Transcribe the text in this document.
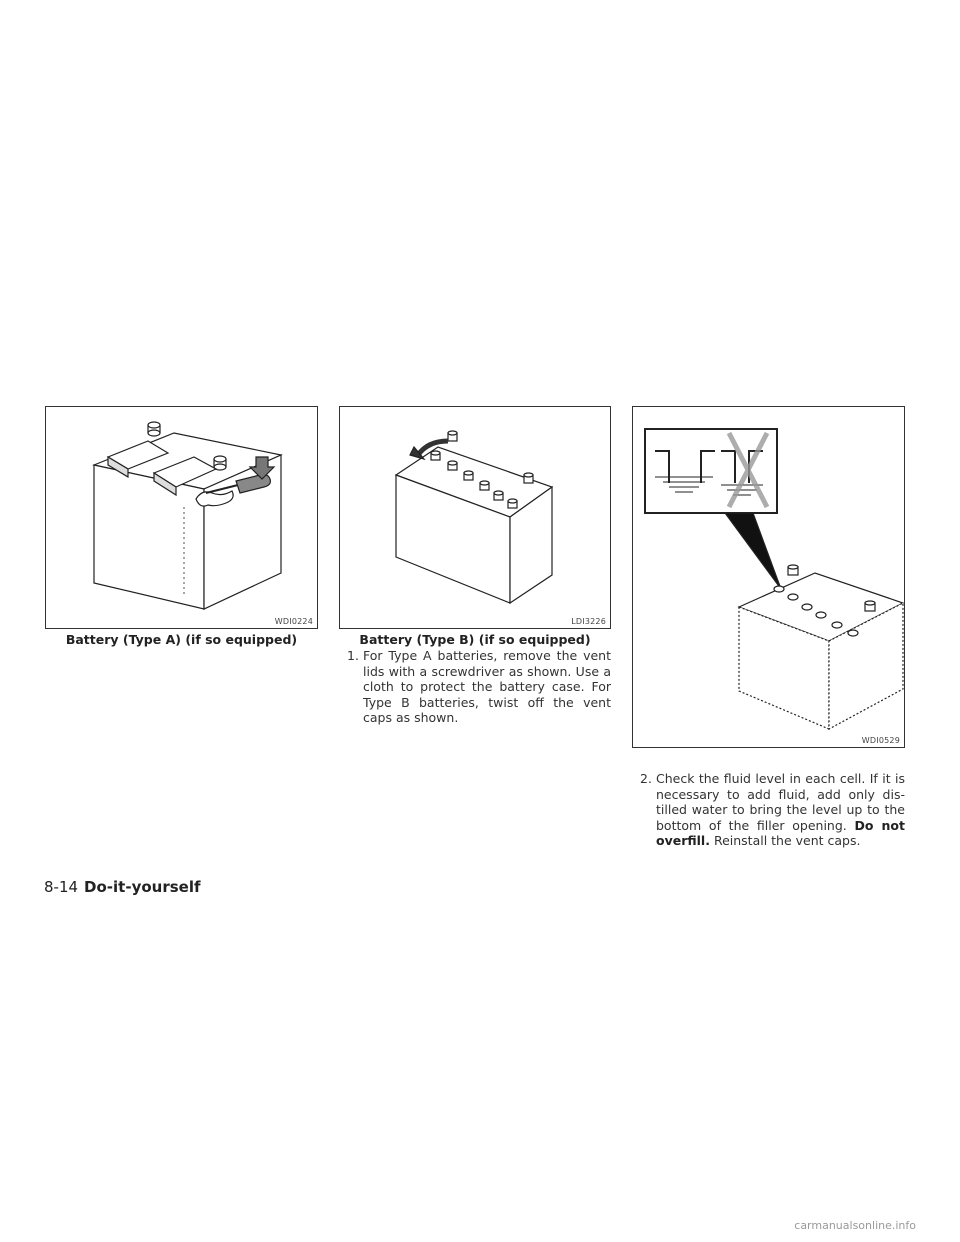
WDI0224
Battery (Type A) (if so equipped)
LDI3226
Battery (Type B) (if so equipped)
1. For Type A batteries, remove the vent lids with a screwdriver as shown. Use a cloth to protect the battery case. For Type B batteries, twist off the vent caps as shown.
WDI0529
2. Check the fluid level in each cell. If it is necessary to add fluid, add only dis-tilled water to bring the level up to the bottom of the filler opening. Do not overfill. Reinstall the vent caps.
8-14 Do-it-yourself
carmanualsonline.info
